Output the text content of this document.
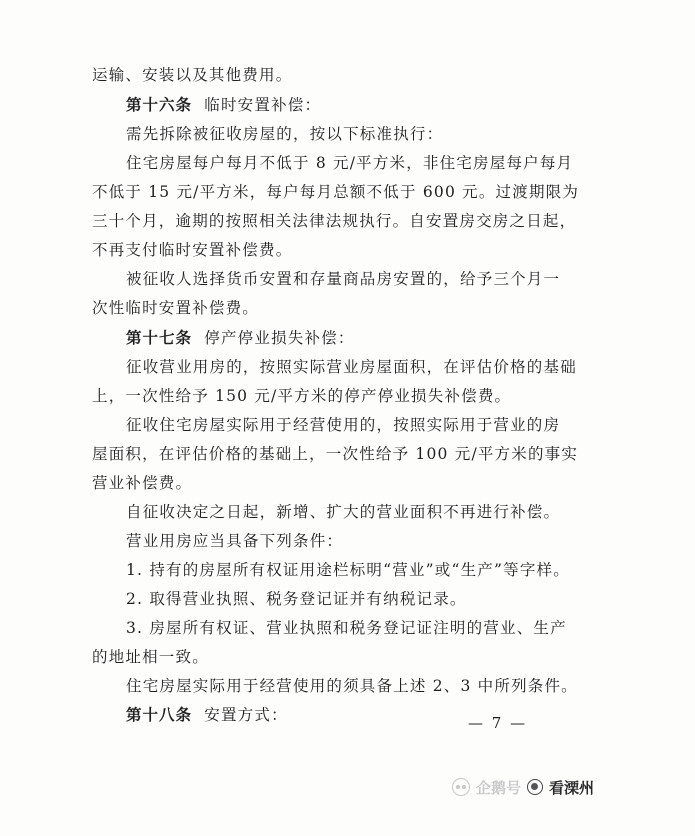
运输、安装以及其他费用。
第十六条 临时安置补偿：
需先拆除被征收房屋的，按以下标准执行：
住宅房屋每户每月不低于 8 元/平方米，非住宅房屋每户每月
不低于 15 元/平方米，每户每月总额不低于 600 元。过渡期限为
三十个月，逾期的按照相关法律法规执行。自安置房交房之日起，
不再支付临时安置补偿费。
被征收人选择货币安置和存量商品房安置的，给予三个月一
次性临时安置补偿费。
第十七条 停产停业损失补偿：
征收营业用房的，按照实际营业房屋面积，在评估价格的基础
上，一次性给予 150 元/平方米的停产停业损失补偿费。
征收住宅房屋实际用于经营使用的，按照实际用于营业的房
屋面积，在评估价格的基础上，一次性给予 100 元/平方米的事实
营业补偿费。
自征收决定之日起，新增、扩大的营业面积不再进行补偿。
营业用房应当具备下列条件：
1. 持有的房屋所有权证用途栏标明“营业”或“生产”等字样。
2. 取得营业执照、税务登记证并有纳税记录。
3. 房屋所有权证、营业执照和税务登记证注明的营业、生产
的地址相一致。
住宅房屋实际用于经营使用的须具备上述 2、3 中所列条件。
第十八条 安置方式：	— 7 —
企鹅号 看溧州
